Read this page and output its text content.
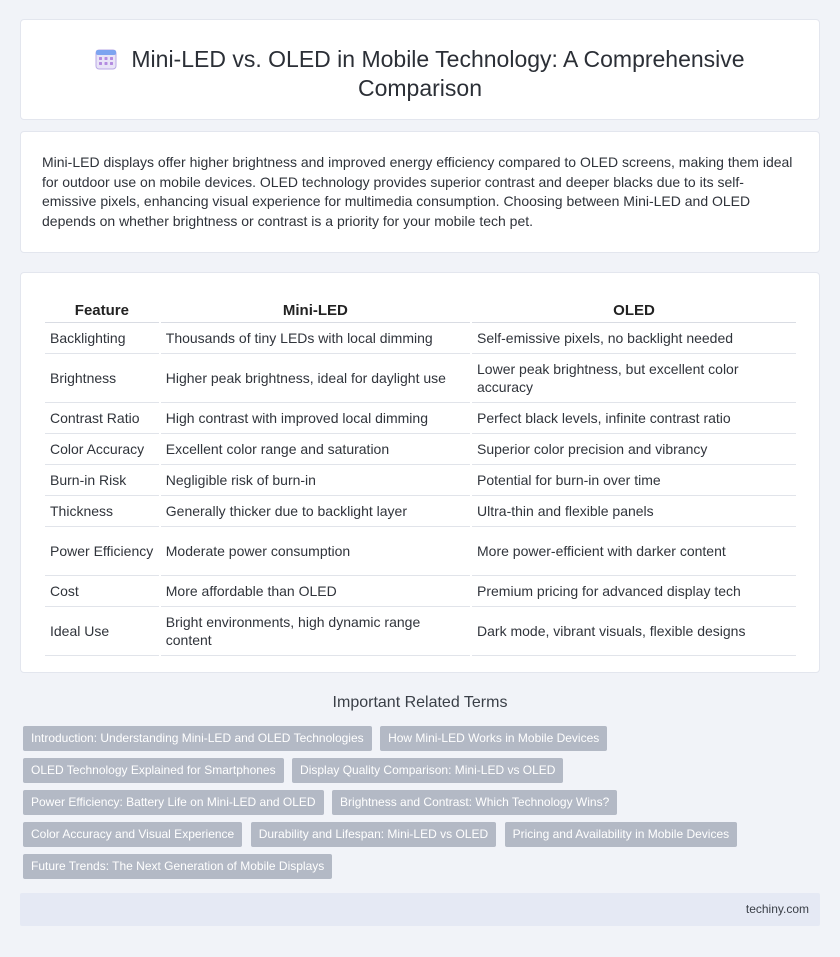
Mini-LED vs. OLED in Mobile Technology: A Comprehensive Comparison

Mini-LED displays offer higher brightness and improved energy efficiency compared to OLED screens, making them ideal for outdoor use on mobile devices. OLED technology provides superior contrast and deeper blacks due to its self-emissive pixels, enhancing visual experience for multimedia consumption. Choosing between Mini-LED and OLED depends on whether brightness or contrast is a priority for your mobile tech pet.

Feature	Mini-LED	OLED
Backlighting	Thousands of tiny LEDs with local dimming	Self-emissive pixels, no backlight needed
Brightness	Higher peak brightness, ideal for daylight use	Lower peak brightness, but excellent color accuracy
Contrast Ratio	High contrast with improved local dimming	Perfect black levels, infinite contrast ratio
Color Accuracy	Excellent color range and saturation	Superior color precision and vibrancy
Burn-in Risk	Negligible risk of burn-in	Potential for burn-in over time
Thickness	Generally thicker due to backlight layer	Ultra-thin and flexible panels
Power Efficiency	Moderate power consumption	More power-efficient with darker content
Cost	More affordable than OLED	Premium pricing for advanced display tech
Ideal Use	Bright environments, high dynamic range content	Dark mode, vibrant visuals, flexible designs
Important Related Terms
Introduction: Understanding Mini-LED and OLED Technologies How Mini-LED Works in Mobile Devices OLED Technology Explained for Smartphones Display Quality Comparison: Mini-LED vs OLED Power Efficiency: Battery Life on Mini-LED and OLED Brightness and Contrast: Which Technology Wins? Color Accuracy and Visual Experience Durability and Lifespan: Mini-LED vs OLED Pricing and Availability in Mobile Devices Future Trends: The Next Generation of Mobile Displays
techiny.com
